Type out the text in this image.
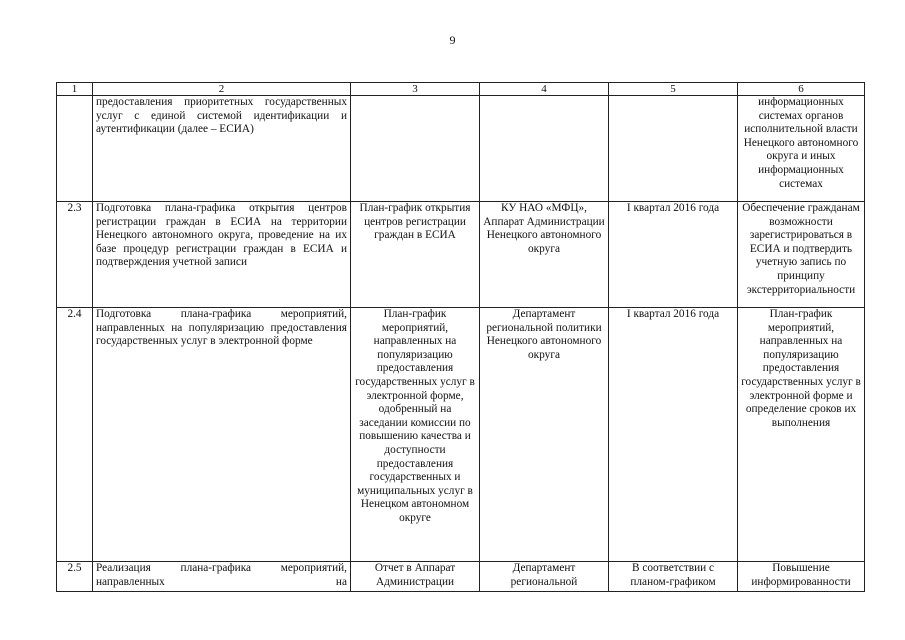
9
1	2	3	4	5	6
	предоставления приоритетных государственных услуг с единой системой идентификации и аутентификации (далее – ЕСИА)				информационных системах органов исполнительной власти Ненецкого автономного округа и иных информационных системах
2.3	Подготовка плана-графика открытия центров регистрации граждан в ЕСИА на территории Ненецкого автономного округа, проведение на их базе процедур регистрации граждан в ЕСИА и подтверждения учетной записи	План-график открытия центров регистрации граждан в ЕСИА	КУ НАО «МФЦ», Аппарат Администрации Ненецкого автономного округа	I квартал 2016 года	Обеспечение гражданам возможности зарегистрироваться в ЕСИА и подтвердить учетную запись по принципу экстерриториальности
2.4	Подготовка плана-графика мероприятий, направленных на популяризацию предоставления государственных услуг в электронной форме	План-график мероприятий, направленных на популяризацию предоставления государственных услуг в электронной форме, одобренный на заседании комиссии по повышению качества и доступности предоставления государственных и муниципальных услуг в Ненецком автономном округе	Департамент региональной политики Ненецкого автономного округа	I квартал 2016 года	План-график мероприятий, направленных на популяризацию предоставления государственных услуг в электронной форме и определение сроков их выполнения
2.5	Реализация плана-графика мероприятий, направленных на	Отчет в Аппарат Администрации	Департамент региональной	В соответствии с планом-графиком	Повышение информированности
